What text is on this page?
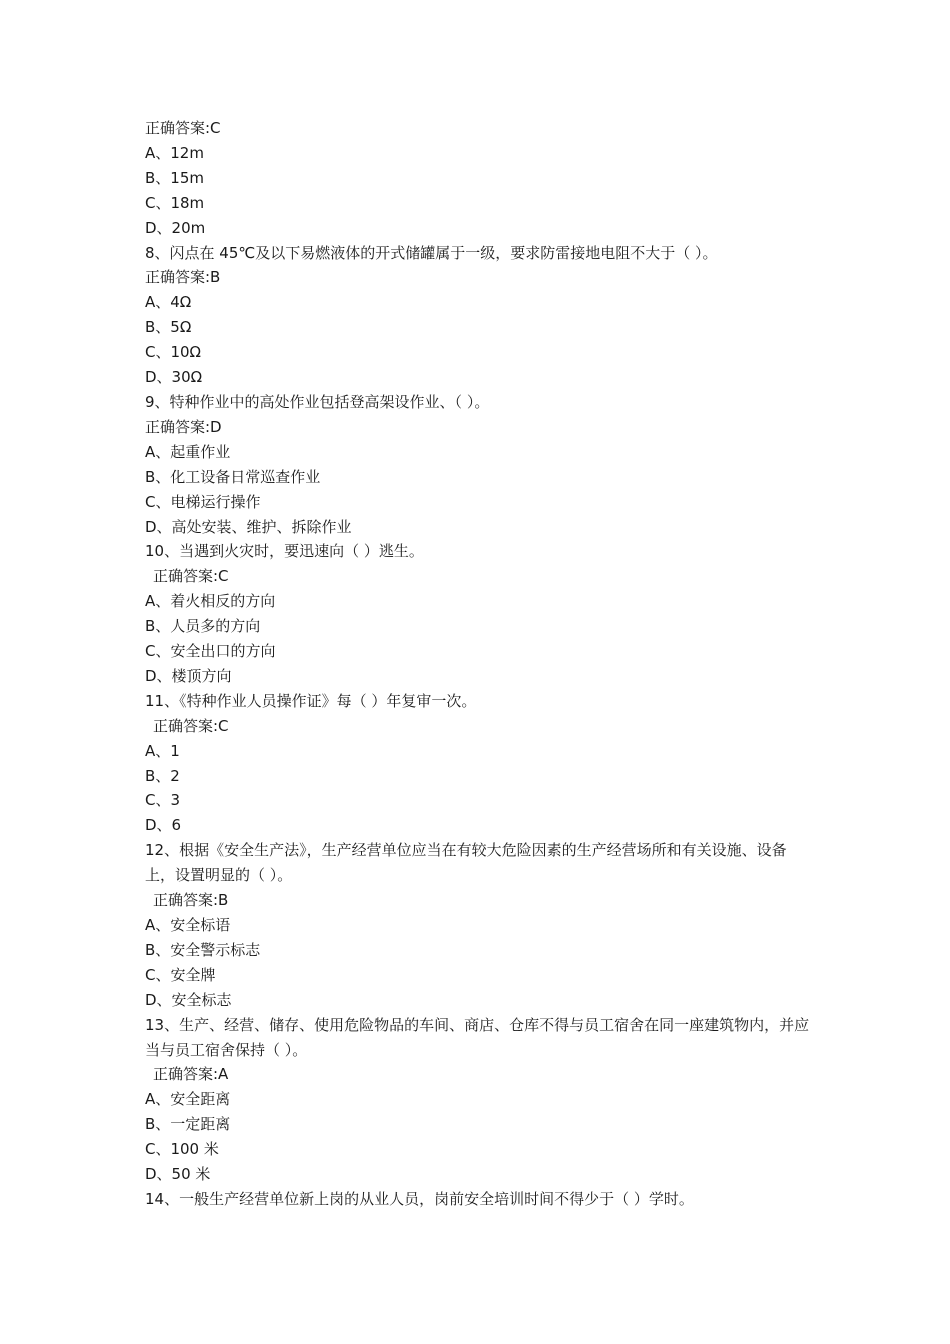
正确答案:C
A、12m
B、15m
C、18m
D、20m
8、闪点在 45℃及以下易燃液体的开式储罐属于一级，要求防雷接地电阻不大于（ ）。
正确答案:B
A、4Ω
B、5Ω
C、10Ω
D、30Ω
9、特种作业中的高处作业包括登高架设作业、（ ）。
正确答案:D
A、起重作业
B、化工设备日常巡查作业
C、电梯运行操作
D、高处安装、维护、拆除作业
10、当遇到火灾时，要迅速向（ ）逃生。
正确答案:C
A、着火相反的方向
B、人员多的方向
C、安全出口的方向
D、楼顶方向
11、《特种作业人员操作证》每（ ）年复审一次。
正确答案:C
A、1
B、2
C、3
D、6
12、根据《安全生产法》，生产经营单位应当在有较大危险因素的生产经营场所和有关设施、设备上，设置明显的（ ）。
正确答案:B
A、安全标语
B、安全警示标志
C、安全牌
D、安全标志
13、生产、经营、储存、使用危险物品的车间、商店、仓库不得与员工宿舍在同一座建筑物内，并应当与员工宿舍保持（ ）。
正确答案:A
A、安全距离
B、一定距离
C、100 米
D、50 米
14、一般生产经营单位新上岗的从业人员，岗前安全培训时间不得少于（ ）学时。
